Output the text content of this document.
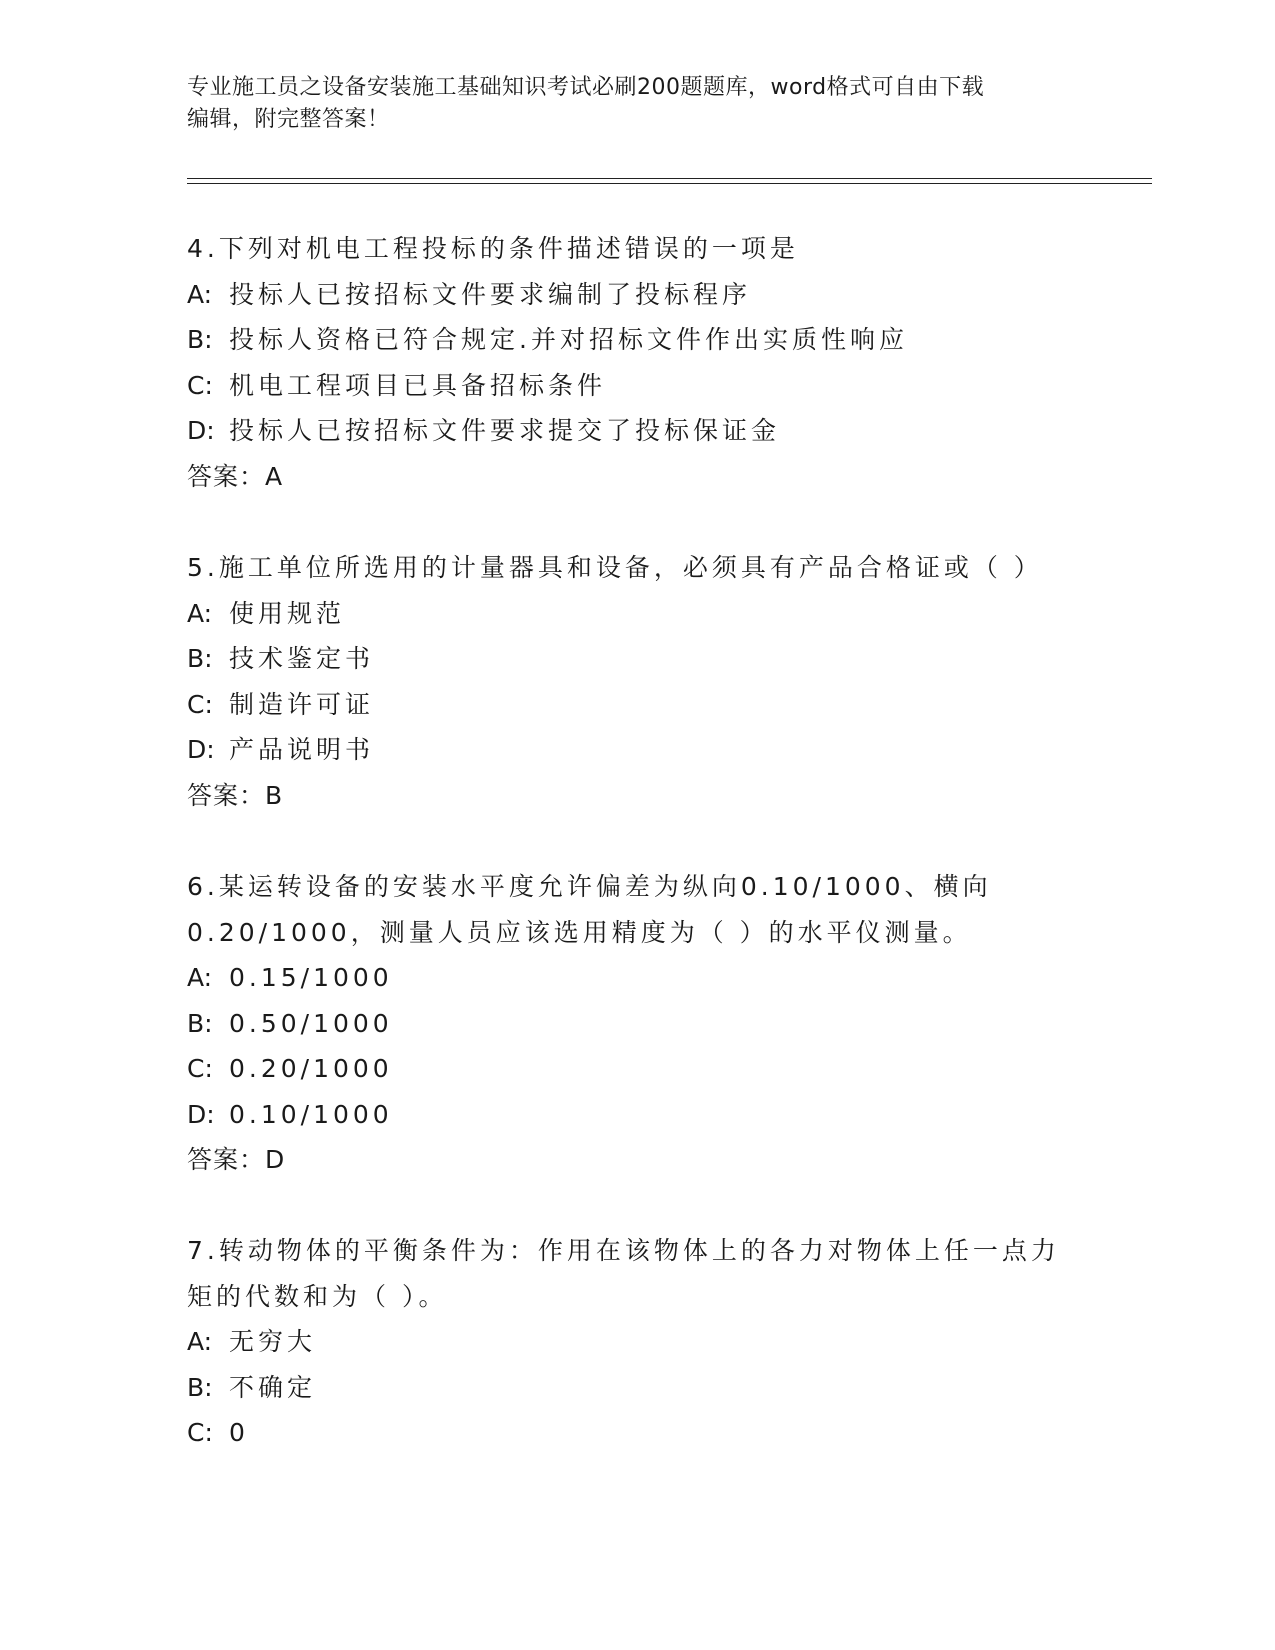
专业施工员之设备安装施工基础知识考试必刷200题题库，word格式可自由下载
编辑，附完整答案！
4.下列对机电工程投标的条件描述错误的一项是
A: 投标人已按招标文件要求编制了投标程序
B: 投标人资格已符合规定.并对招标文件作出实质性响应
C: 机电工程项目已具备招标条件
D: 投标人已按招标文件要求提交了投标保证金
答案：A
5.施工单位所选用的计量器具和设备，必须具有产品合格证或（ ）
A: 使用规范
B: 技术鉴定书
C: 制造许可证
D: 产品说明书
答案：B
6.某运转设备的安装水平度允许偏差为纵向0.10/1000、横向
0.20/1000，测量人员应该选用精度为（ ）的水平仪测量。
A: 0.15/1000
B: 0.50/1000
C: 0.20/1000
D: 0.10/1000
答案：D
7.转动物体的平衡条件为：作用在该物体上的各力对物体上任一点力
矩的代数和为（ ）。
A: 无穷大
B: 不确定
C: 0
